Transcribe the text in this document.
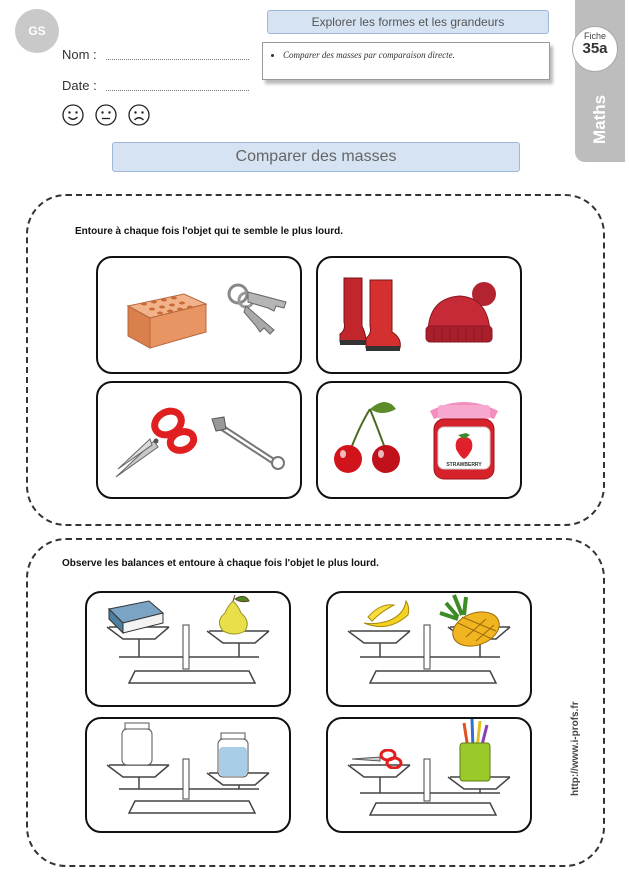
GS
Nom :
Date :
Explorer les formes et les grandeurs
• Comparer des masses par comparaison directe.
Fiche
35a
Maths
Comparer des masses
Entoure à chaque fois l'objet qui te semble le plus lourd.
STRAWBERRY
Observe les balances et entoure à chaque fois l'objet le plus lourd.
http://www.i-profs.fr
